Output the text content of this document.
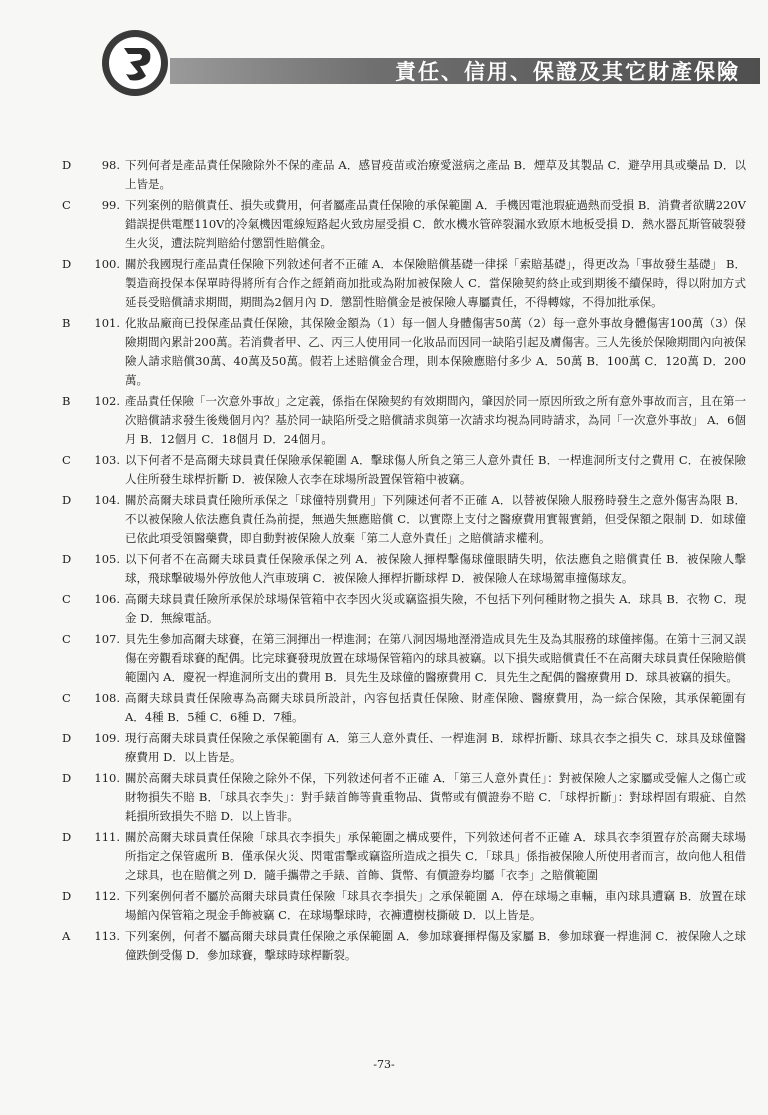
責任、信用、保證及其它財產保險
D	98. 下列何者是產品責任保險除外不保的產品 A．感冒疫苗或治療愛滋病之產品 B．煙草及其製品 C．避孕用具或藥品 D．以上皆是。
C	99. 下列案例的賠償責任、損失或費用，何者屬產品責任保險的承保範圍 A．手機因電池瑕疵過熱而受損 B．消費者欲購220V錯誤提供電壓110V的冷氣機因電線短路起火致房屋受損 C．飲水機水管碎裂漏水致原木地板受損 D．熱水器瓦斯管破裂發生火災，遭法院判賠給付懲罰性賠償金。
D	100. 關於我國現行產品責任保險下列敘述何者不正確 A．本保險賠償基礎一律採「索賠基礎」，得更改為「事故發生基礎」 B．製造商投保本保單時得將所有合作之經銷商加批或為附加被保險人 C．當保險契約終止或到期後不續保時，得以附加方式延長受賠償請求期間，期間為2個月內 D．懲罰性賠償金是被保險人專屬責任，不得轉嫁，不得加批承保。
B	101. 化妝品廠商已投保產品責任保險，其保險金額為（1）每一個人身體傷害50萬（2）每一意外事故身體傷害100萬（3）保險期間內累計200萬。若消費者甲、乙、丙三人使用同一化妝品而因同一缺陷引起及膚傷害。三人先後於保險期間內向被保險人請求賠償30萬、40萬及50萬。假若上述賠償金合理，則本保險應賠付多少 A．50萬 B．100萬 C．120萬 D．200萬。
B	102. 產品責任保險「一次意外事故」之定義，係指在保險契約有效期間內，肇因於同一原因所致之所有意外事故而言，且在第一次賠償請求發生後幾個月內？基於同一缺陷所受之賠償請求與第一次請求均視為同時請求，為同「一次意外事故」 A．6個月 B．12個月 C．18個月 D．24個月。
C	103. 以下何者不是高爾夫球員責任保險承保範圍 A．擊球傷人所負之第三人意外責任 B．一桿進洞所支付之費用 C．在被保險人住所發生球桿折斷 D．被保險人衣李在球場所設置保管箱中被竊。
D	104. 關於高爾夫球員責任險所承保之「球僮特別費用」下列陳述何者不正確 A．以替被保險人服務時發生之意外傷害為限 B．不以被保險人依法應負責任為前提，無過失無應賠償 C．以實際上支付之醫療費用實報實銷，但受保額之限制 D．如球僮已依此項受領醫藥費，即自動對被保險人放棄「第二人意外責任」之賠償請求權利。
D	105. 以下何者不在高爾夫球員責任保險承保之列 A．被保險人揮桿擊傷球僮眼睛失明，依法應負之賠償責任 B．被保險人擊球，飛球擊破場外停放他人汽車玻璃 C．被保險人揮桿折斷球桿 D．被保險人在球場駕車撞傷球友。
C	106. 高爾夫球員責任險所承保於球場保管箱中衣李因火災或竊盜損失險，不包括下列何種財物之損失 A．球具 B．衣物 C．現金 D．無線電話。
C	107. 貝先生參加高爾夫球賽，在第三洞揮出一桿進洞；在第八洞因場地溼滑造成貝先生及為其服務的球僮摔傷。在第十三洞又誤傷在旁觀看球賽的配偶。比完球賽發現放置在球場保管箱內的球具被竊。以下損失或賠償責任不在高爾夫球員責任保險賠償範圍內 A．慶祝一桿進洞所支出的費用 B．貝先生及球僮的醫療費用 C．貝先生之配偶的醫療費用 D．球具被竊的損失。
C	108. 高爾夫球員責任保險專為高爾夫球員所設計，內容包括責任保險、財產保險、醫療費用，為一綜合保險，其承保範圍有 A．4種 B．5種 C．6種 D．7種。
D	109. 現行高爾夫球員責任保險之承保範圍有 A．第三人意外責任、一桿進洞 B．球桿折斷、球具衣李之損失 C．球具及球僮醫療費用 D．以上皆是。
D	110. 關於高爾夫球員責任保險之除外不保，下列敘述何者不正確 A．「第三人意外責任」：對被保險人之家屬或受僱人之傷亡或財物損失不賠 B．「球具衣李失」：對手錶首飾等貴重物品、貨幣或有價證券不賠 C．「球桿折斷」：對球桿固有瑕疵、自然耗損所致損失不賠 D．以上皆非。
D	111. 關於高爾夫球員責任保險「球具衣李損失」承保範圍之構成要件，下列敘述何者不正確 A．球具衣李須置存於高爾夫球場所指定之保管處所 B．僅承保火災、閃電雷擊或竊盜所造成之損失 C．「球具」係指被保險人所使用者而言，故向他人租借之球具，也在賠償之列 D．隨手攜帶之手錶、首飾、貨幣、有價證券均屬「衣李」之賠償範圍
D	112. 下列案例何者不屬於高爾夫球員責任保險「球具衣李損失」之承保範圍 A．停在球場之車輛，車內球具遭竊 B．放置在球場館內保管箱之現金手飾被竊 C．在球場擊球時，衣褲遭樹枝撕破 D．以上皆是。
A	113. 下列案例，何者不屬高爾夫球員責任保險之承保範圍 A．參加球賽揮桿傷及家屬 B．參加球賽一桿進洞 C．被保險人之球僮跌倒受傷 D．參加球賽，擊球時球桿斷裂。
-73-
